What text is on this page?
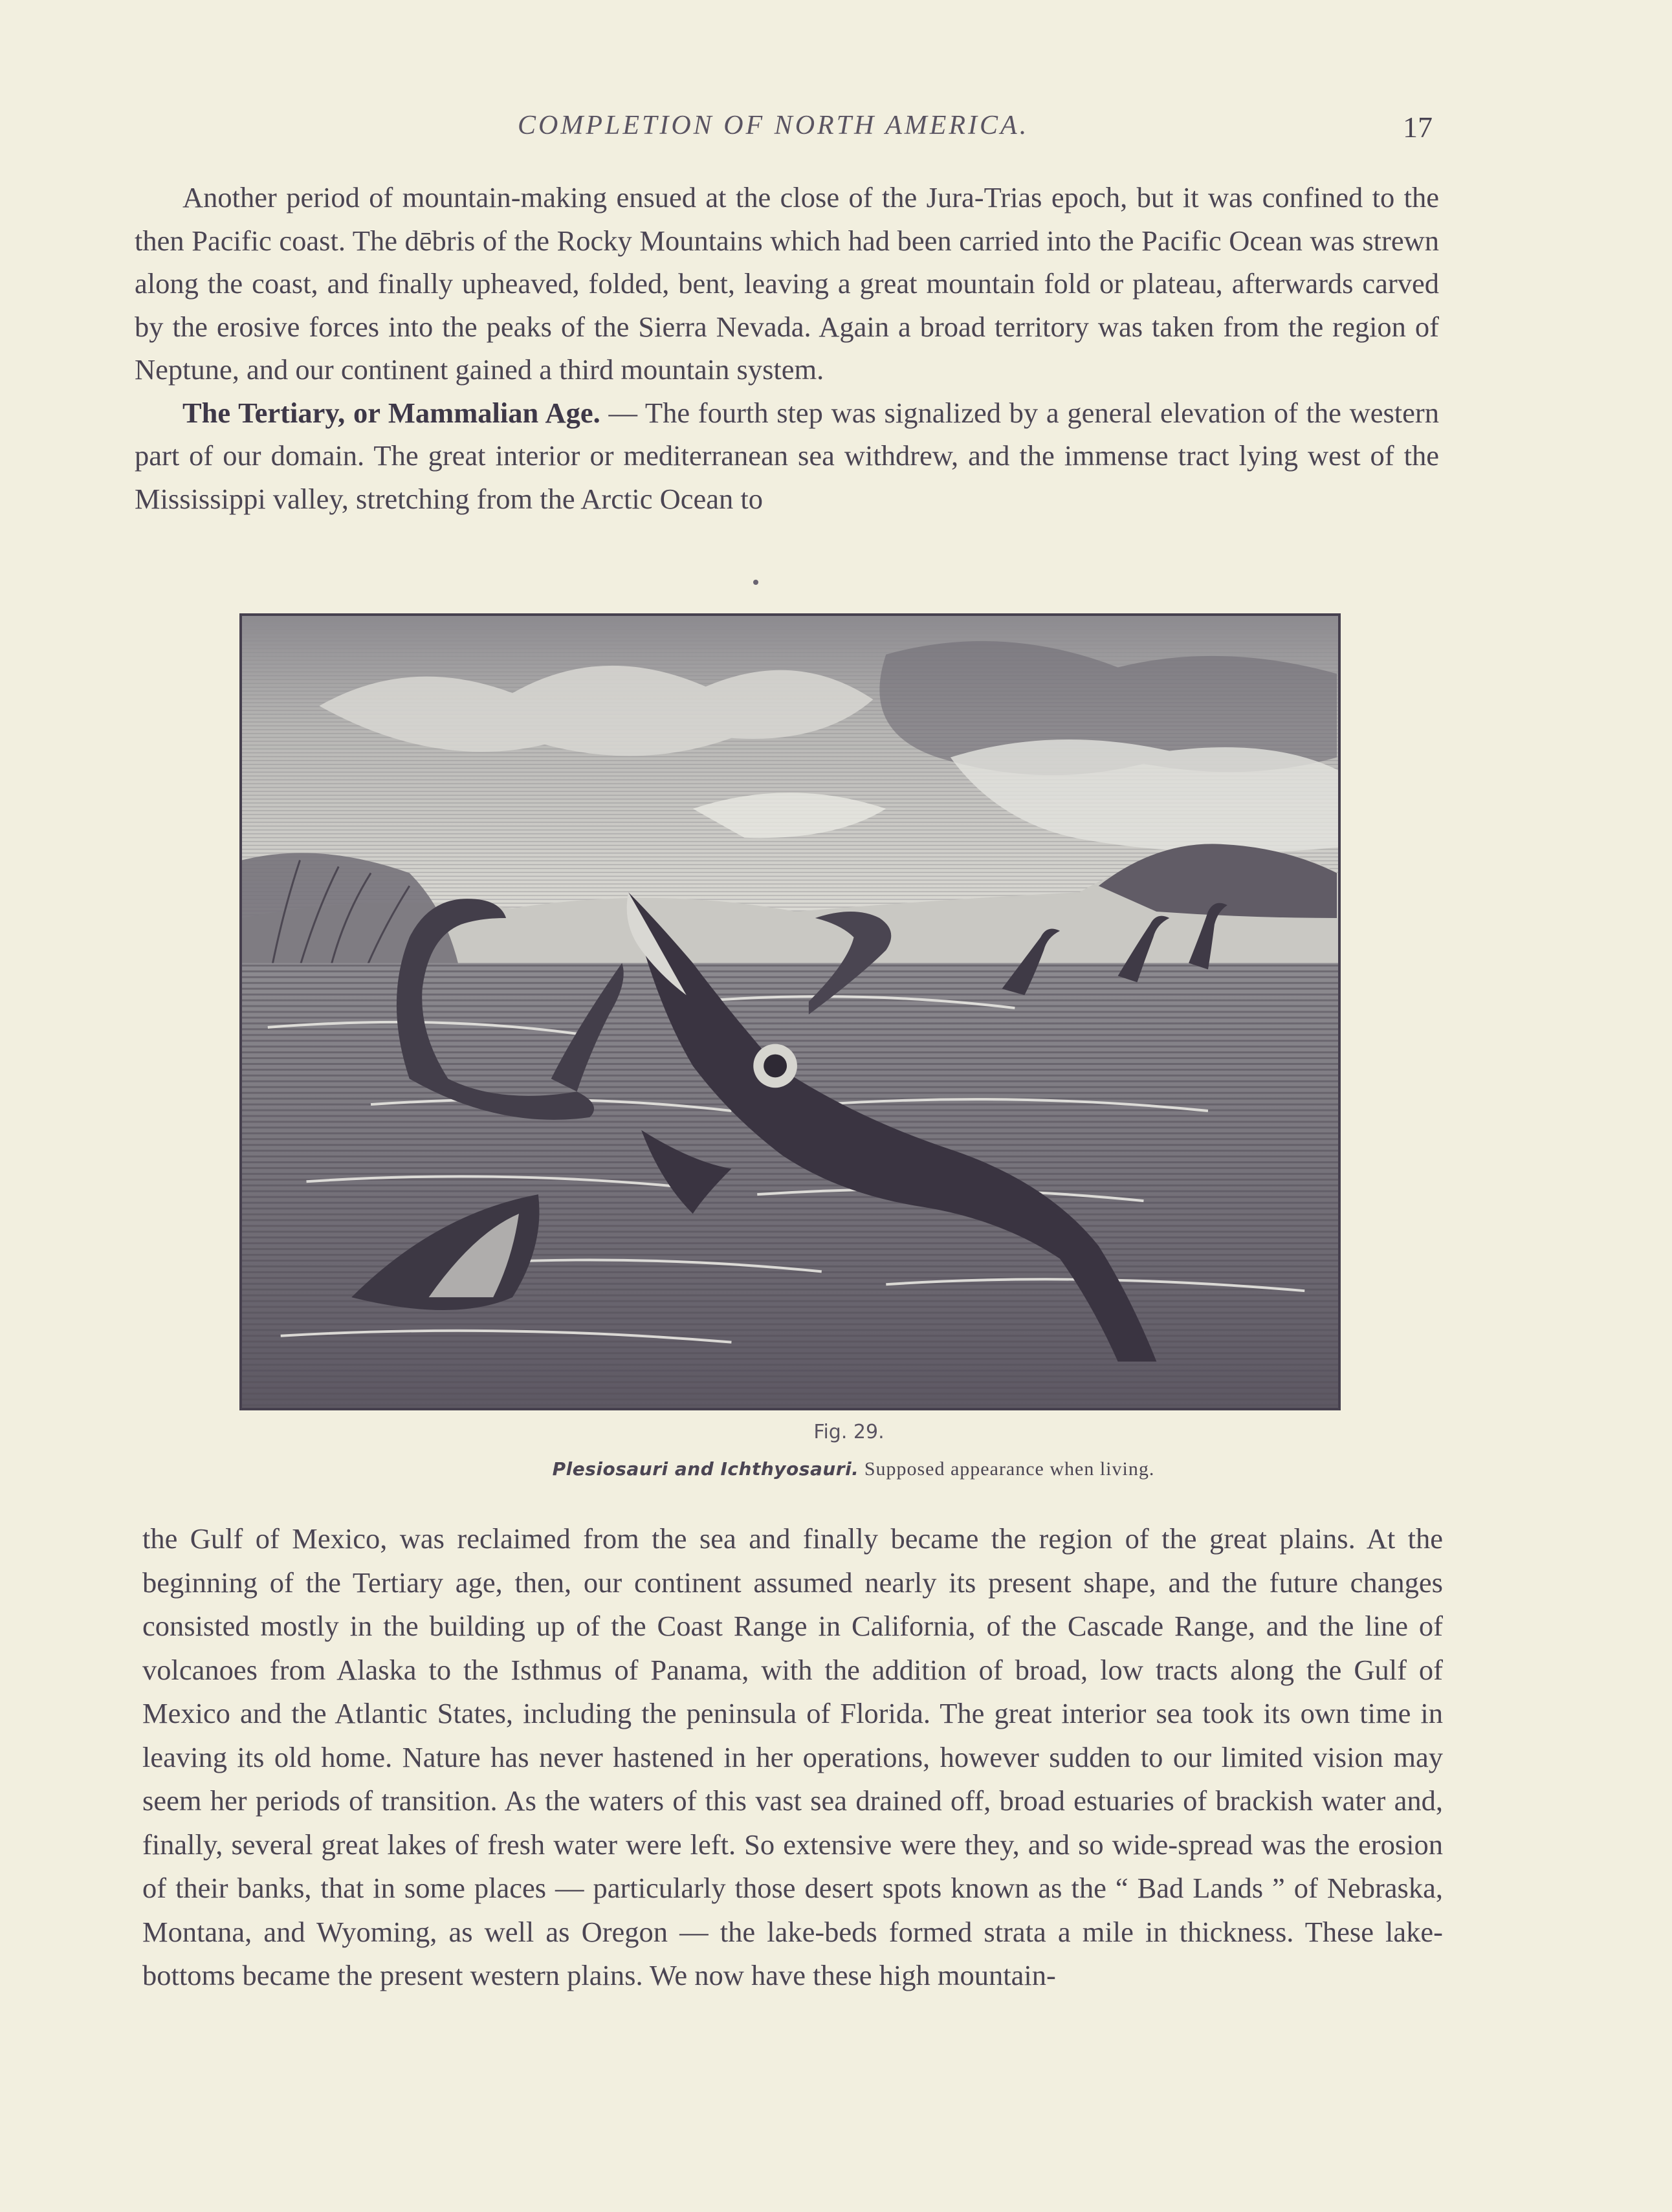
COMPLETION OF NORTH AMERICA.	17

Another period of mountain-making ensued at the close of the Jura-Trias epoch, but it was confined to the then Pacific coast. The dēbris of the Rocky Mountains which had been carried into the Pacific Ocean was strewn along the coast, and finally upheaved, folded, bent, leaving a great mountain fold or plateau, afterwards carved by the erosive forces into the peaks of the Sierra Nevada. Again a broad territory was taken from the region of Neptune, and our continent gained a third mountain system.

The Tertiary, or Mammalian Age. — The fourth step was signalized by a general elevation of the western part of our domain. The great interior or mediterranean sea withdrew, and the immense tract lying west of the Mississippi valley, stretching from the Arctic Ocean to

Fig. 29.
Plesiosauri and Ichthyosauri. Supposed appearance when living.

the Gulf of Mexico, was reclaimed from the sea and finally became the region of the great plains. At the beginning of the Tertiary age, then, our continent assumed nearly its present shape, and the future changes consisted mostly in the building up of the Coast Range in California, of the Cascade Range, and the line of volcanoes from Alaska to the Isthmus of Panama, with the addition of broad, low tracts along the Gulf of Mexico and the Atlantic States, including the peninsula of Florida. The great interior sea took its own time in leaving its old home. Nature has never hastened in her operations, however sudden to our limited vision may seem her periods of transition. As the waters of this vast sea drained off, broad estuaries of brackish water and, finally, several great lakes of fresh water were left. So extensive were they, and so wide-spread was the erosion of their banks, that in some places — particularly those desert spots known as the “ Bad Lands ” of Nebraska, Montana, and Wyoming, as well as Oregon — the lake-beds formed strata a mile in thickness. These lake-bottoms became the present western plains. We now have these high mountain-
